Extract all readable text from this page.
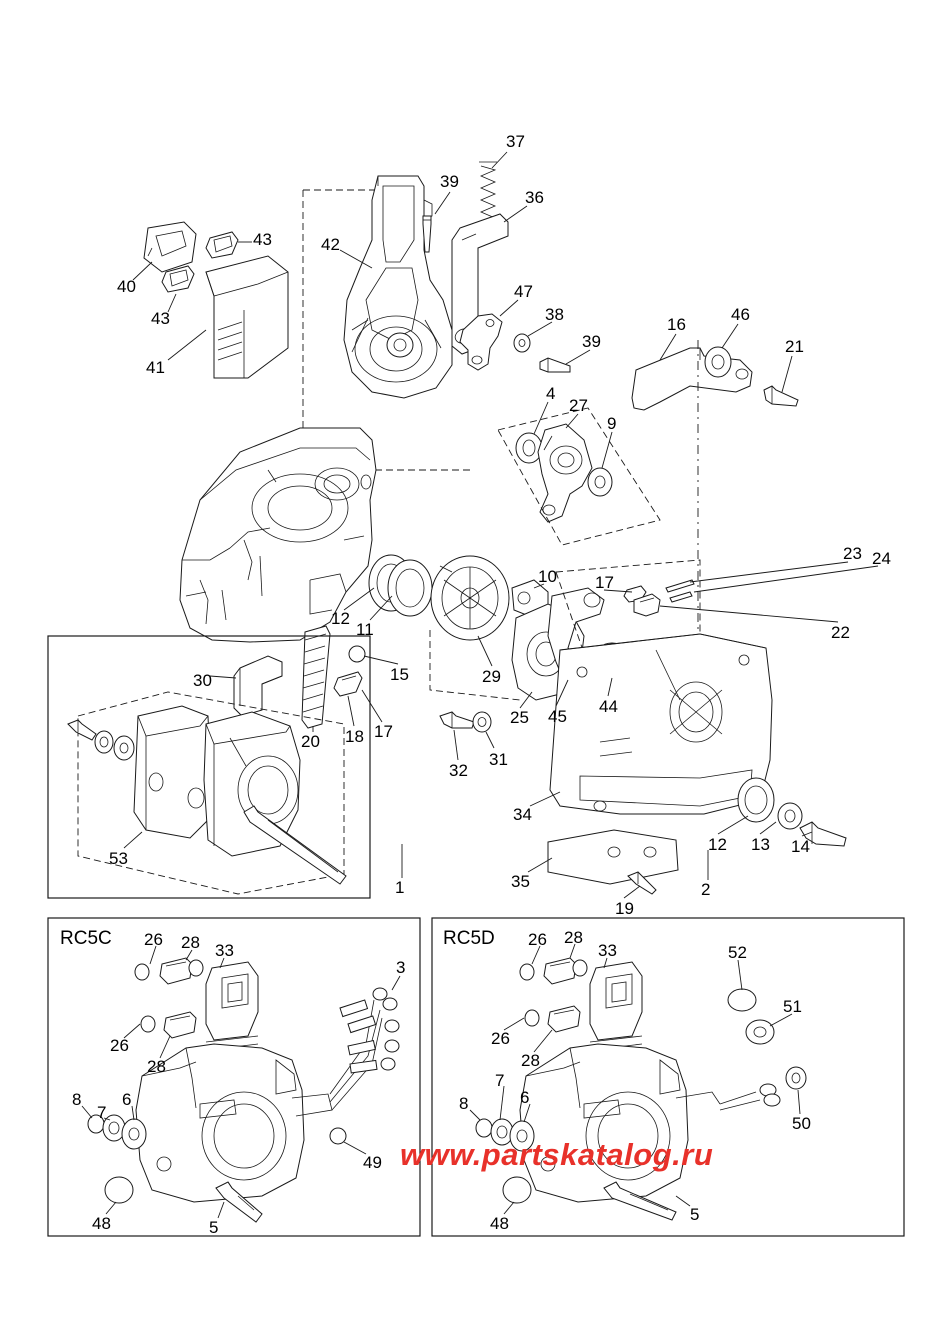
RC5C	RC5D
37
39
36
43	42
40
43
47
38
16
46
21
39
41
4
27
9
23 24
10 17
22
12
11
15	29
30
25 45
44
20 18 17
32
31
34
53
12 13 14
35
19
1	2
26 28 33
3
26
28
8
7
6
49
48	5
26 28
33	52
51
26
28
7
6
8
50
48	5
www.partskatalog.ru
